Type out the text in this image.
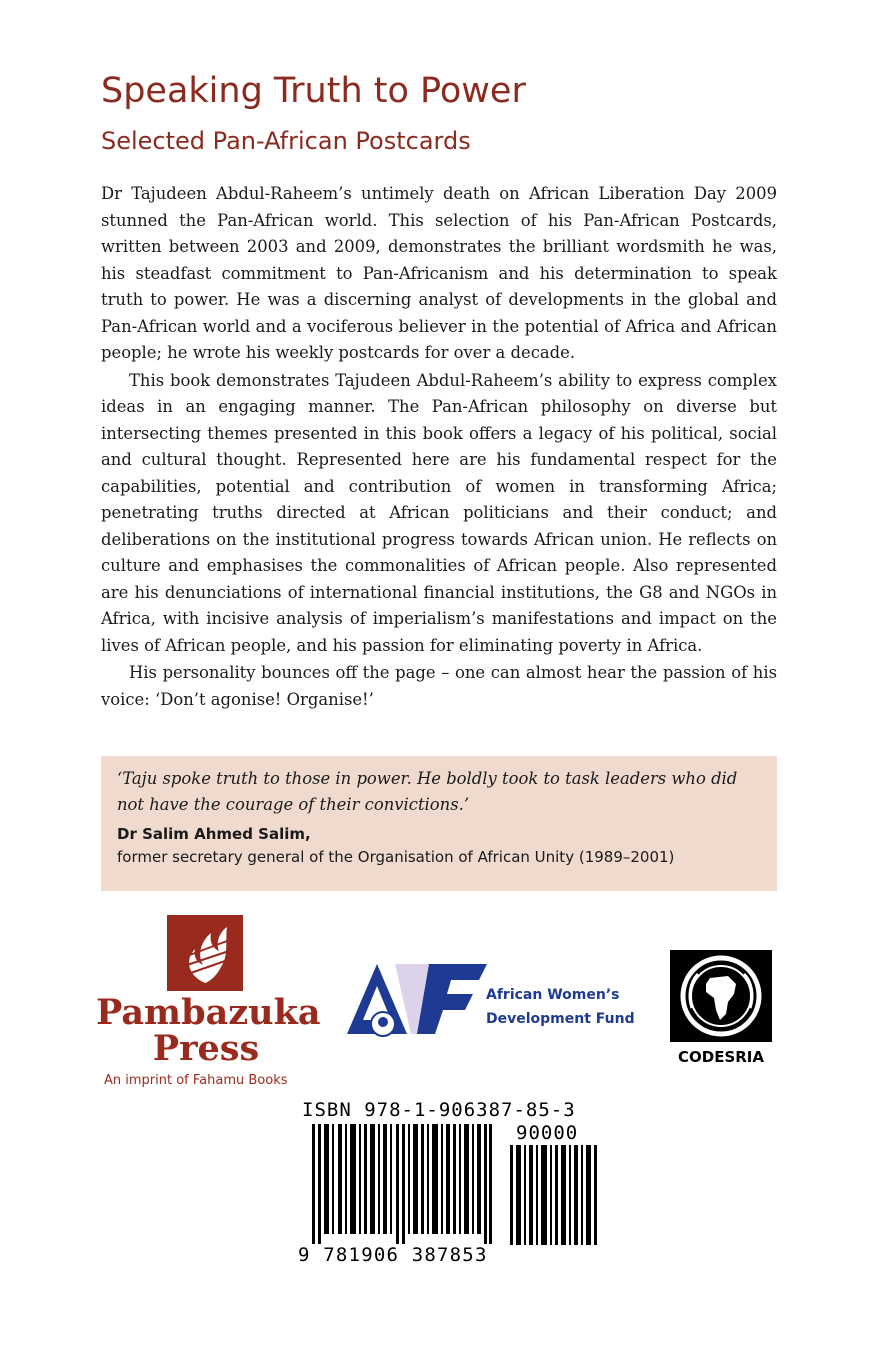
Speaking Truth to Power
Selected Pan-African Postcards

Dr Tajudeen Abdul-Raheem’s untimely death on African Liberation Day 2009 stunned the Pan-African world. This selection of his Pan-African Postcards, written between 2003 and 2009, demonstrates the brilliant wordsmith he was, his steadfast commitment to Pan-Africanism and his determination to speak truth to power. He was a discerning analyst of developments in the global and Pan-African world and a vociferous believer in the potential of Africa and African people; he wrote his weekly postcards for over a decade.

This book demonstrates Tajudeen Abdul-Raheem’s ability to express complex ideas in an engaging manner. The Pan-African philosophy on diverse but intersecting themes presented in this book offers a legacy of his political, social and cultural thought. Represented here are his fundamental respect for the capabilities, potential and contribution of women in transforming Africa; penetrating truths directed at African politicians and their conduct; and deliberations on the institutional progress towards African union. He reflects on culture and emphasises the commonalities of African people. Also represented are his denunciations of international financial institutions, the G8 and NGOs in Africa, with incisive analysis of imperialism’s manifestations and impact on the lives of African people, and his passion for eliminating poverty in Africa.

His personality bounces off the page – one can almost hear the passion of his voice: ‘Don’t agonise! Organise!’

‘Taju spoke truth to those in power. He boldly took to task leaders who did not have the courage of their convictions.’

Dr Salim Ahmed Salim,

former secretary general of the Organisation of African Unity (1989–2001)

Pambazuka
Press
An imprint of Fahamu Books
African Women’s
Development Fund
CODESRIA
ISBN 978-1-906387-85-3
90000
9 781906 387853
